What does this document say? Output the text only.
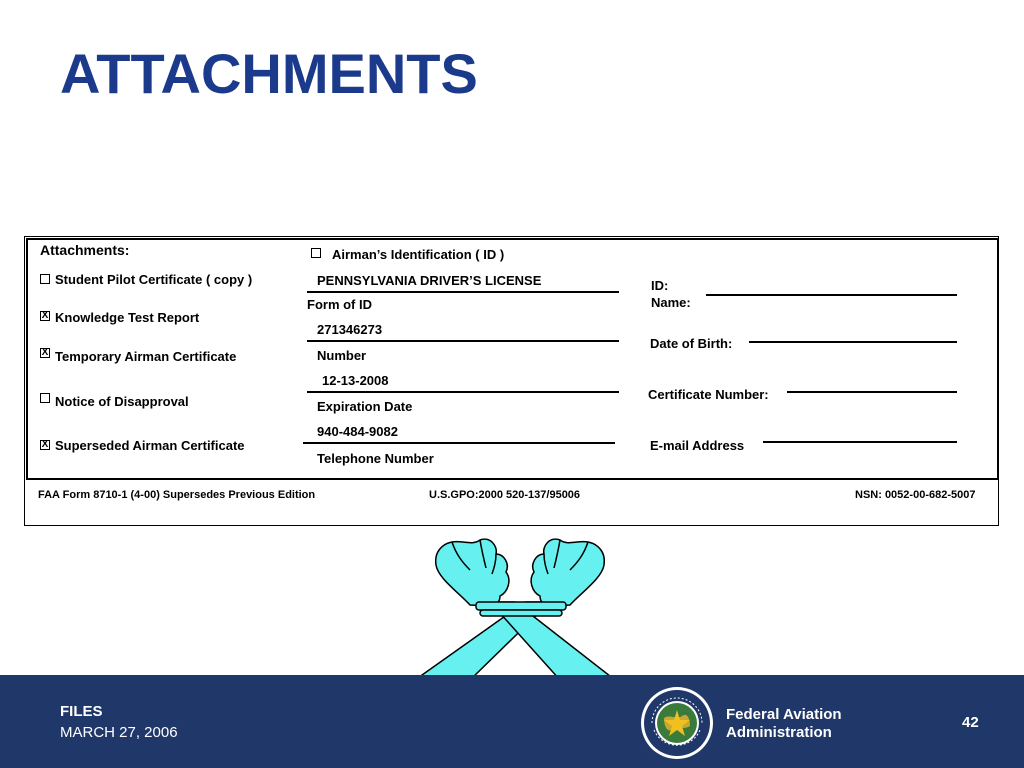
ATTACHMENTS
Attachments:
Student Pilot Certificate ( copy )
X Knowledge Test Report
X Temporary Airman Certificate
Notice of Disapproval
X Superseded Airman Certificate
Airman’s Identification ( ID )
PENNSYLVANIA DRIVER’S LICENSE
Form of ID
271346273
Number
12-13-2008
Expiration Date
940-484-9082
Telephone Number
ID:
Name:
Date of Birth:
Certificate Number:
E-mail Address
FAA Form 8710-1 (4-00) Supersedes Previous Edition	U.S.GPO:2000 520-137/95006	NSN: 0052-00-682-5007
FILES
MARCH 27, 2006
Federal Aviation
Administration
42
